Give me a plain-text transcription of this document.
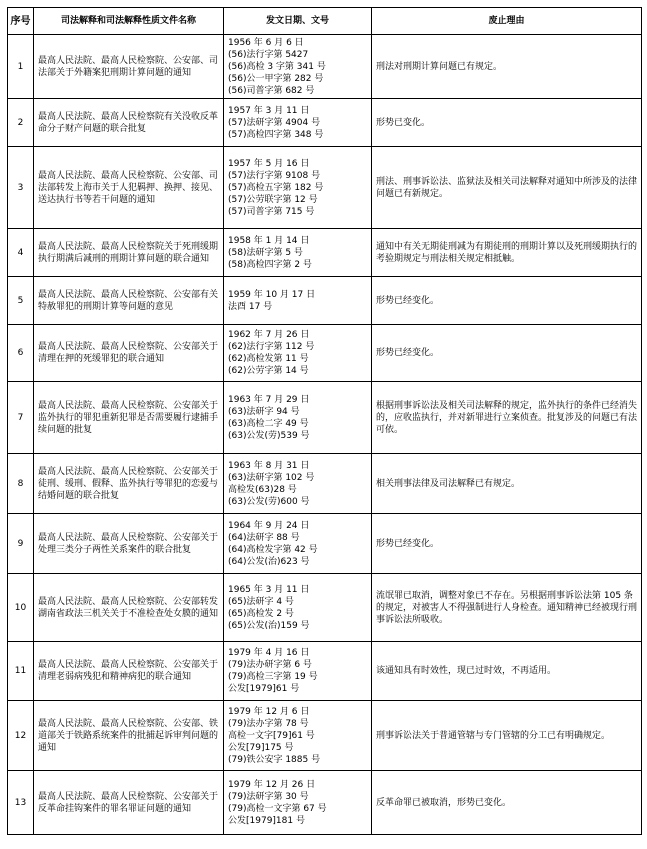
序号	司法解释和司法解释性质文件名称	发文日期、文号	废止理由
1	最高人民法院、最高人民检察院、公安部、司法部关于外籍案犯刑期计算问题的通知	1956 年 6 月 6 日
(56)法行字第 5427
(56)高检 3 字第 341 号
(56)公一甲字第 282 号
(56)司普字第 682 号	刑法对刑期计算问题已有规定。
2	最高人民法院、最高人民检察院有关没收反革命分子财产问题的联合批复	1957 年 3 月 11 日
(57)法研字第 4904 号
(57)高检四字第 348 号	形势已变化。
3	最高人民法院、最高人民检察院、公安部、司法部转发上海市关于人犯羁押、换押、接见、送达执行书等若干问题的通知	1957 年 5 月 16 日
(57)法行字第 9108 号
(57)高检五字第 182 号
(57)公劳联字第 12 号
(57)司普字第 715 号	刑法、刑事诉讼法、监狱法及相关司法解释对通知中所涉及的法律问题已有新规定。
4	最高人民法院、最高人民检察院关于死刑缓期执行期满后减刑的刑期计算问题的联合通知	1958 年 1 月 14 日
(58)法研字第 5 号
(58)高检四字第 2 号	通知中有关无期徒刑减为有期徒刑的刑期计算以及死刑缓期执行的考验期规定与刑法相关规定相抵触。
5	最高人民法院、最高人民检察院、公安部有关特赦罪犯的刑期计算等问题的意见	1959 年 10 月 17 日
法酉 17 号	形势已经变化。
6	最高人民法院、最高人民检察院、公安部关于清理在押的死缓罪犯的联合通知	1962 年 7 月 26 日
(62)法行字第 112 号
(62)高检发第 11 号
(62)公劳字第 14 号	形势已经变化。
7	最高人民法院、最高人民检察院、公安部关于监外执行的罪犯重新犯罪是否需要履行逮捕手续问题的批复	1963 年 7 月 29 日
(63)法研字 94 号
(63)高检二字 49 号
(63)公发(劳)539 号	根据刑事诉讼法及相关司法解释的规定，监外执行的条件已经消失的，应收监执行，并对新罪进行立案侦查。批复涉及的问题已有法可依。
8	最高人民法院、最高人民检察院、公安部关于徒刑、缓刑、假释、监外执行等罪犯的恋爱与结婚问题的联合批复	1963 年 8 月 31 日
(63)法研字第 102 号
高检发(63)28 号
(63)公发(劳)600 号	相关刑事法律及司法解释已有规定。
9	最高人民法院、最高人民检察院、公安部关于处理三类分子两性关系案件的联合批复	1964 年 9 月 24 日
(64)法研字 88 号
(64)高检发字第 42 号
(64)公发(治)623 号	形势已经变化。
10	最高人民法院、最高人民检察院、公安部转发湖南省政法三机关关于不准检查处女膜的通知	1965 年 3 月 11 日
(65)法研字 4 号
(65)高检发 2 号
(65)公发(治)159 号	流氓罪已取消，调整对象已不存在。另根据刑事诉讼法第 105 条的规定，对被害人不得强制进行人身检查。通知精神已经被现行刑事诉讼法所吸收。
11	最高人民法院、最高人民检察院、公安部关于清理老弱病残犯和精神病犯的联合通知	1979 年 4 月 16 日
(79)法办研字第 6 号
(79)高检三字第 19 号
公发[1979]61 号	该通知具有时效性，现已过时效，不再适用。
12	最高人民法院、最高人民检察院、公安部、铁道部关于铁路系统案件的批捕起诉审判问题的通知	1979 年 12 月 6 日
(79)法办字第 78 号
高检一文字[79]61 号
公发[79]175 号
(79)铁公安字 1885 号	刑事诉讼法关于普通管辖与专门管辖的分工已有明确规定。
13	最高人民法院、最高人民检察院、公安部关于反革命挂钩案件的罪名罪证问题的通知	1979 年 12 月 26 日
(79)法研字第 30 号
(79)高检一文字第 67 号
公发[1979]181 号	反革命罪已被取消，形势已变化。
